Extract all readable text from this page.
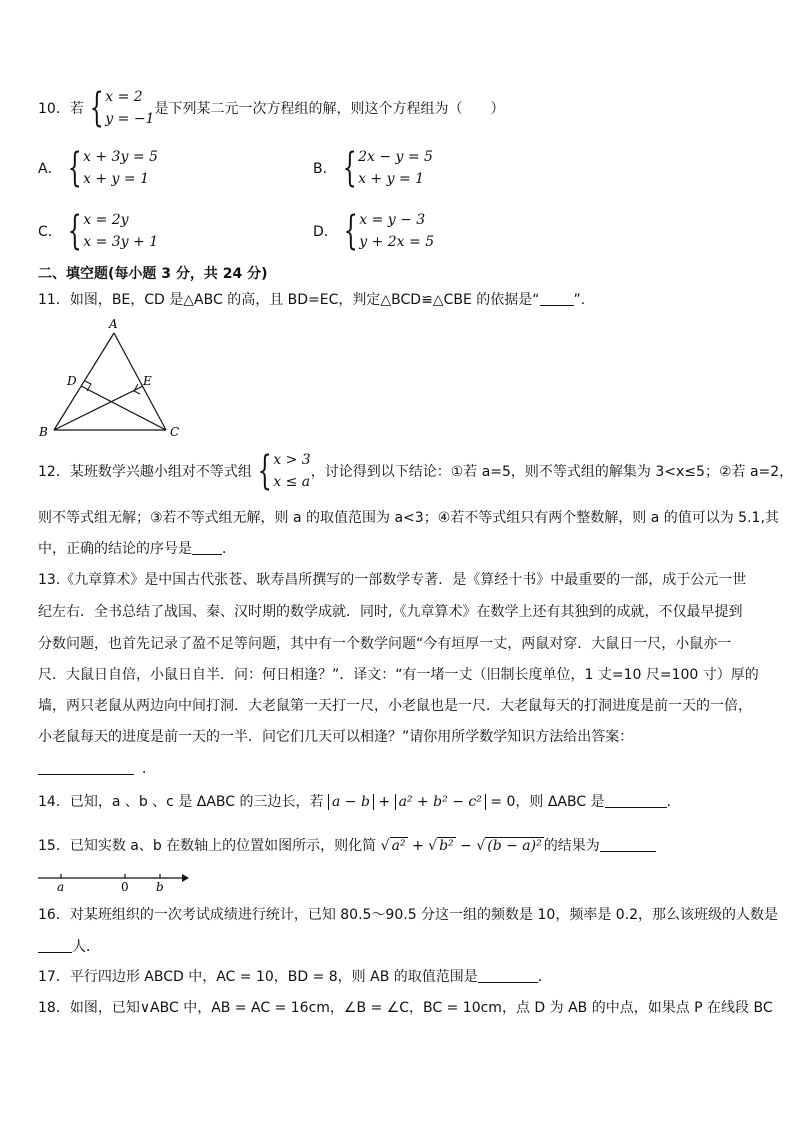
10．若 { x = 2
y = −1
是下列某二元一次方程组的解，则这个方程组为（　　）
A． { x + 3y = 5
x + y = 1
B． { 2x − y = 5
x + y = 1
C． { x = 2y
x = 3y + 1
D． { x = y − 3
y + 2x = 5
二、填空题(每小题 3 分，共 24 分)
11．如图，BE，CD 是△ABC 的高，且 BD=EC，判定△BCD≌△CBE 的依据是“ ”.
A
B	C
D	E
12．某班数学兴趣小组对不等式组 { x > 3
x ≤ a
，讨论得到以下结论：①若 a=5，则不等式组的解集为 3<x≤5；②若 a=2，
则不等式组无解；③若不等式组无解，则 a 的取值范围为 a<3；④若不等式组只有两个整数解，则 a 的值可以为 5.1,其
中，正确的结论的序号是 ．
13.《九章算术》是中国古代张苍、耿寿昌所撰写的一部数学专著．是《算经十书》中最重要的一部，成于公元一世
纪左右．全书总结了战国、秦、汉时期的数学成就．同时,《九章算术》在数学上还有其独到的成就，不仅最早提到
分数问题，也首先记录了盈不足等问题，其中有一个数学问题“今有垣厚一丈，两鼠对穿．大鼠日一尺，小鼠亦一
尺．大鼠日自倍，小鼠日自半．问：何日相逢？”．译文：“有一堵一丈（旧制长度单位，1 丈=10 尺=100 寸）厚的
墙，两只老鼠从两边向中间打洞．大老鼠第一天打一尺，小老鼠也是一尺．大老鼠每天的打洞进度是前一天的一倍，
小老鼠每天的进度是前一天的一半．问它们几天可以相逢？”请你用所学数学知识方法给出答案：
．
14．已知，a 、b 、c 是 ΔABC 的三边长，若 a − b + a² + b² − c² = 0，则 ΔABC 是	.
15．已知实数 a、b 在数轴上的位置如图所示，则化简 √ a² + √ b² − √ (b − a)² 的结果为
a	0 b
16．对某班组织的一次考试成绩进行统计，已知 80.5～90.5 分这一组的频数是 10，频率是 0.2，那么该班级的人数是
人．
17．平行四边形 ABCD 中，AC = 10，BD = 8，则 AB 的取值范围是	．
18．如图，已知∨ABC 中，AB = AC = 16cm，∠B = ∠C，BC = 10cm，点 D 为 AB 的中点，如果点 P 在线段 BC
